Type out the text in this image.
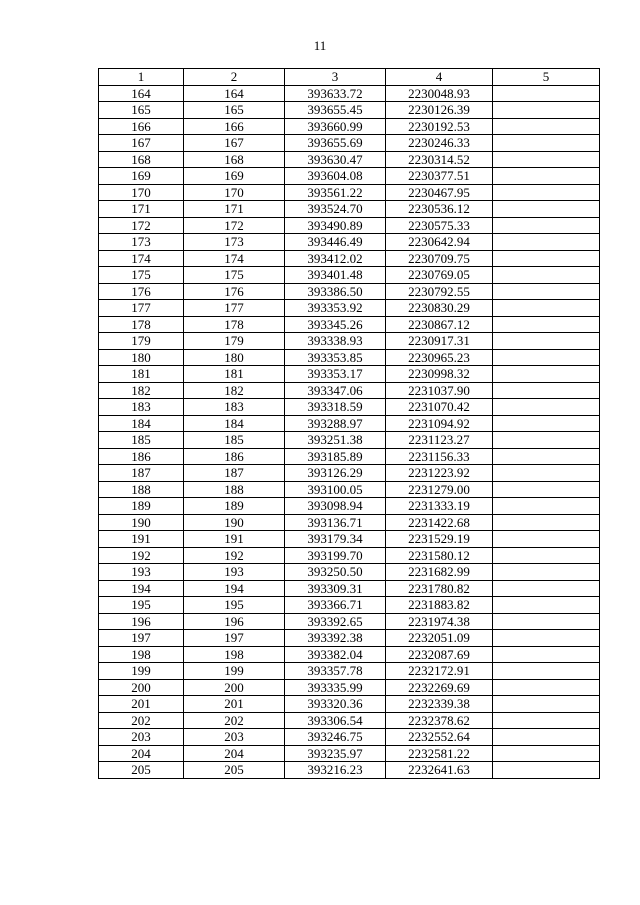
11
1	2	3	4	5
164	164	393633.72	2230048.93	
165	165	393655.45	2230126.39	
166	166	393660.99	2230192.53	
167	167	393655.69	2230246.33	
168	168	393630.47	2230314.52	
169	169	393604.08	2230377.51	
170	170	393561.22	2230467.95	
171	171	393524.70	2230536.12	
172	172	393490.89	2230575.33	
173	173	393446.49	2230642.94	
174	174	393412.02	2230709.75	
175	175	393401.48	2230769.05	
176	176	393386.50	2230792.55	
177	177	393353.92	2230830.29	
178	178	393345.26	2230867.12	
179	179	393338.93	2230917.31	
180	180	393353.85	2230965.23	
181	181	393353.17	2230998.32	
182	182	393347.06	2231037.90	
183	183	393318.59	2231070.42	
184	184	393288.97	2231094.92	
185	185	393251.38	2231123.27	
186	186	393185.89	2231156.33	
187	187	393126.29	2231223.92	
188	188	393100.05	2231279.00	
189	189	393098.94	2231333.19	
190	190	393136.71	2231422.68	
191	191	393179.34	2231529.19	
192	192	393199.70	2231580.12	
193	193	393250.50	2231682.99	
194	194	393309.31	2231780.82	
195	195	393366.71	2231883.82	
196	196	393392.65	2231974.38	
197	197	393392.38	2232051.09	
198	198	393382.04	2232087.69	
199	199	393357.78	2232172.91	
200	200	393335.99	2232269.69	
201	201	393320.36	2232339.38	
202	202	393306.54	2232378.62	
203	203	393246.75	2232552.64	
204	204	393235.97	2232581.22	
205	205	393216.23	2232641.63	
